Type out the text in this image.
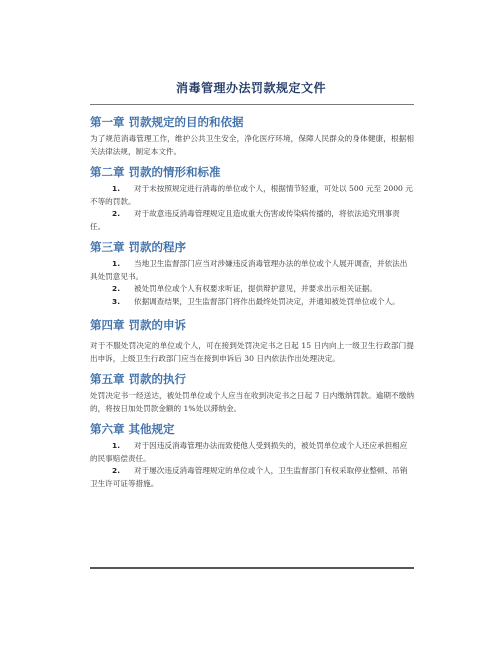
消毒管理办法罚款规定文件
第一章 罚款规定的目的和依据

为了规范消毒管理工作，维护公共卫生安全，净化医疗环境，保障人民群众的身体健康，根据相关法律法规，制定本文件。

第二章 罚款的情形和标准
1. 对于未按照规定进行消毒的单位或个人，根据情节轻重，可处以 500 元至 2000 元不等的罚款。
2. 对于故意违反消毒管理规定且造成重大伤害或传染病传播的，将依法追究刑事责任。
第三章 罚款的程序
1. 当地卫生监督部门应当对涉嫌违反消毒管理办法的单位或个人展开调查，并依法出具处罚意见书。
2. 被处罚单位或个人有权要求听证，提供辩护意见，并要求出示相关证据。
3. 依据调查结果，卫生监督部门将作出最终处罚决定，并通知被处罚单位或个人。
第四章 罚款的申诉

对于不服处罚决定的单位或个人，可在接到处罚决定书之日起 15 日内向上一级卫生行政部门提出申诉，上级卫生行政部门应当在接到申诉后 30 日内依法作出处理决定。

第五章 罚款的执行

处罚决定书一经送达，被处罚单位或个人应当在收到决定书之日起 7 日内缴纳罚款。逾期不缴纳的，将按日加处罚款金额的 1%处以滞纳金。

第六章 其他规定
1. 对于因违反消毒管理办法而致使他人受到损失的，被处罚单位或个人还应承担相应的民事赔偿责任。
2. 对于屡次违反消毒管理规定的单位或个人，卫生监督部门有权采取停业整顿、吊销卫生许可证等措施。
